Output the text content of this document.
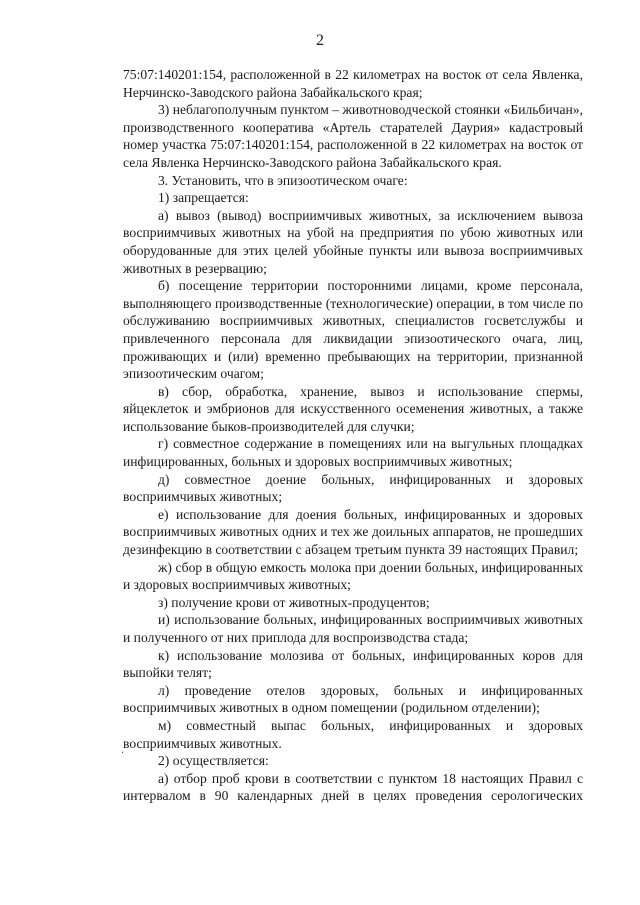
2

75:07:140201:154, расположенной в 22 километрах на восток от села Явленка, Нерчинско-Заводского района Забайкальского края;

3) неблагополучным пунктом – животноводческой стоянки «Бильбичан», производственного кооператива «Артель старателей Даурия» кадастровый номер участка 75:07:140201:154, расположенной в 22 километрах на восток от села Явленка Нерчинско-Заводского района Забайкальского края.

3. Установить, что в эпизоотическом очаге:

1) запрещается:

а) вывоз (вывод) восприимчивых животных, за исключением вывоза восприимчивых животных на убой на предприятия по убою животных или оборудованные для этих целей убойные пункты или вывоза восприимчивых животных в резервацию;

б) посещение территории посторонними лицами, кроме персонала, выполняющего производственные (технологические) операции, в том числе по обслуживанию восприимчивых животных, специалистов госветслужбы и привлеченного персонала для ликвидации эпизоотического очага, лиц, проживающих и (или) временно пребывающих на территории, признанной эпизоотическим очагом;

в) сбор, обработка, хранение, вывоз и использование спермы, яйцеклеток и эмбрионов для искусственного осеменения животных, а также использование быков-производителей для случки;

г) совместное содержание в помещениях или на выгульных площадках инфицированных, больных и здоровых восприимчивых животных;

д) совместное доение больных, инфицированных и здоровых восприимчивых животных;

е) использование для доения больных, инфицированных и здоровых восприимчивых животных одних и тех же доильных аппаратов, не прошедших дезинфекцию в соответствии с абзацем третьим пункта 39 настоящих Правил;

ж) сбор в общую емкость молока при доении больных, инфицированных и здоровых восприимчивых животных;

з) получение крови от животных-продуцентов;

и) использование больных, инфицированных восприимчивых животных и полученного от них приплода для воспроизводства стада;

к) использование молозива от больных, инфицированных коров для выпойки телят;

л) проведение отелов здоровых, больных и инфицированных восприимчивых животных в одном помещении (родильном отделении);

м) совместный выпас больных, инфицированных и здоровых восприимчивых животных.

2) осуществляется:

а) отбор проб крови в соответствии с пунктом 18 настоящих Правил с интервалом в 90 календарных дней в целях проведения серологических

·
